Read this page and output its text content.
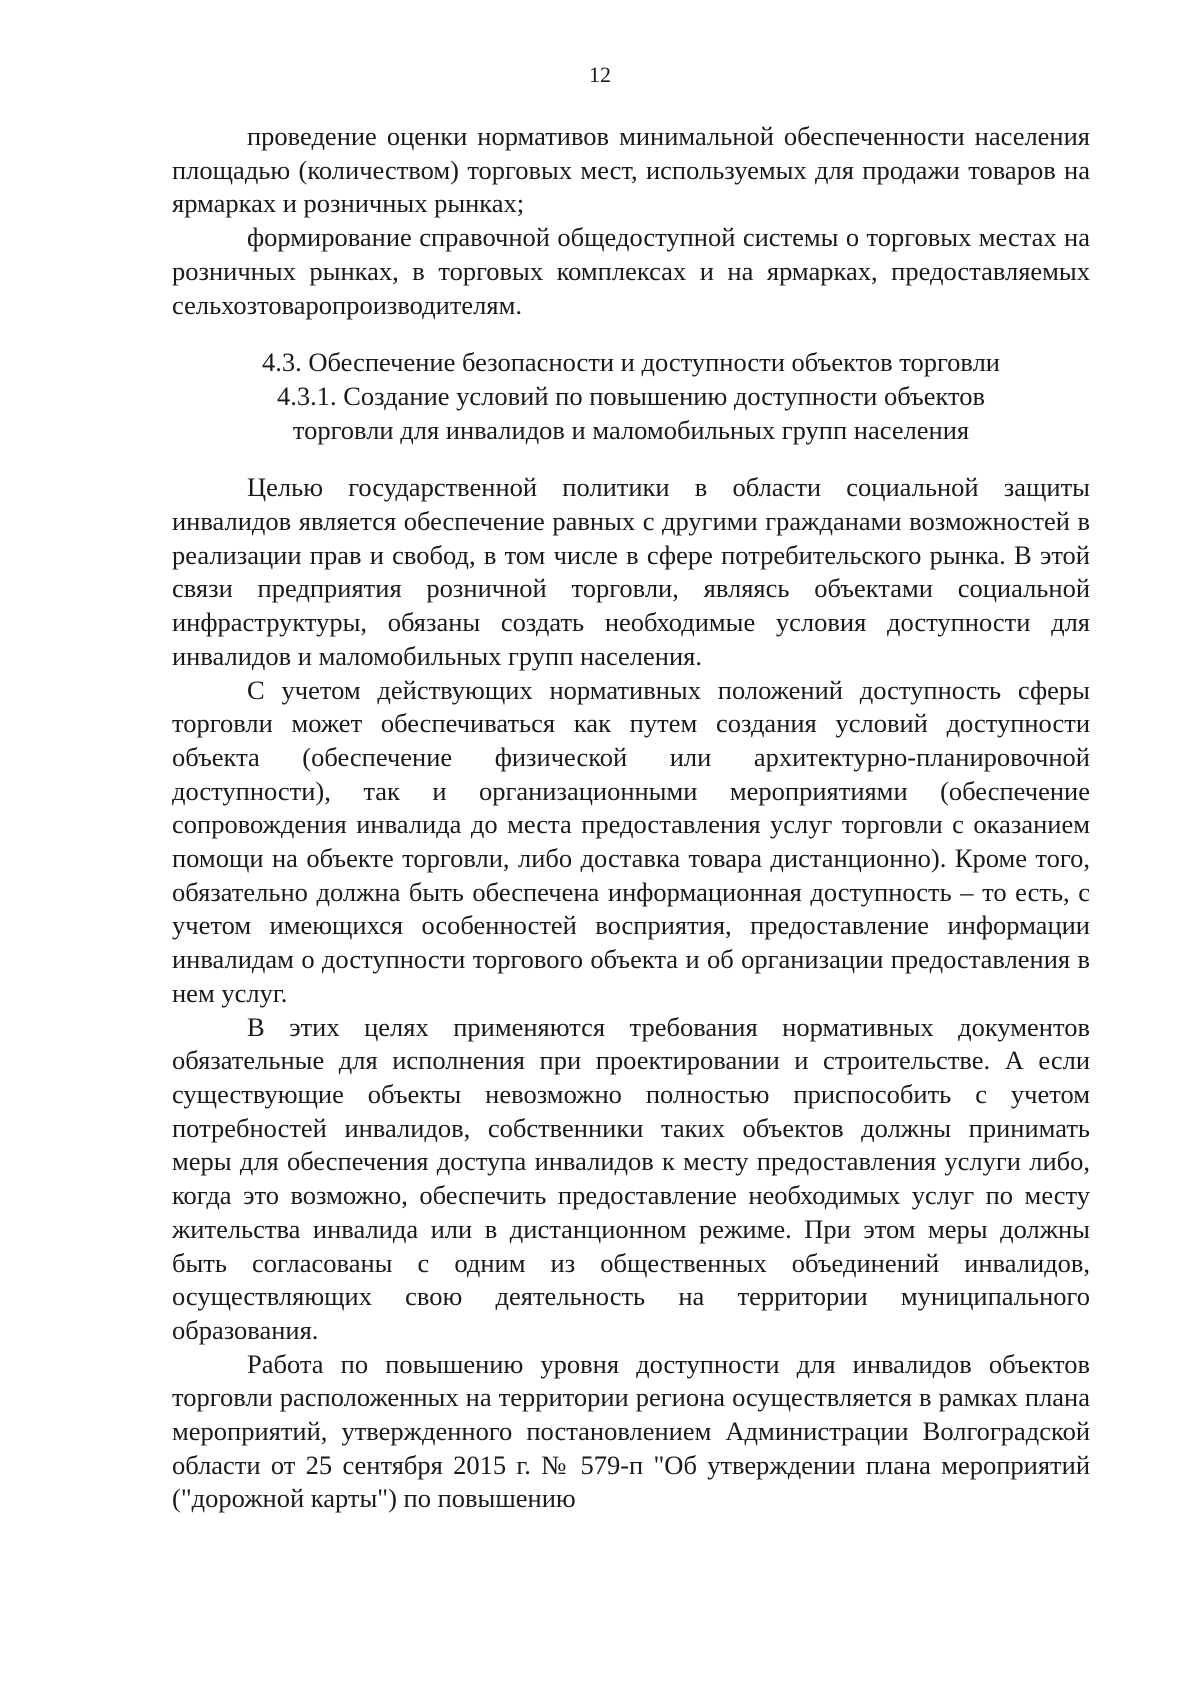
12

проведение оценки нормативов минимальной обеспеченности населения площадью (количеством) торговых мест, используемых для продажи товаров на ярмарках и розничных рынках;

формирование справочной общедоступной системы о торговых местах на розничных рынках, в торговых комплексах и на ярмарках, предоставляемых сельхозтоваропроизводителям.

4.3. Обеспечение безопасности и доступности объектов торговли
4.3.1. Создание условий по повышению доступности объектов
торговли для инвалидов и маломобильных групп населения

Целью государственной политики в области социальной защиты инвалидов является обеспечение равных с другими гражданами возможностей в реализации прав и свобод, в том числе в сфере потребительского рынка. В этой связи предприятия розничной торговли, являясь объектами социальной инфраструктуры, обязаны создать необходимые условия доступности для инвалидов и маломобильных групп населения.

С учетом действующих нормативных положений доступность сферы торговли может обеспечиваться как путем создания условий доступности объекта (обеспечение физической или архитектурно-планировочной доступности), так и организационными мероприятиями (обеспечение сопровождения инвалида до места предоставления услуг торговли с оказанием помощи на объекте торговли, либо доставка товара дистанционно). Кроме того, обязательно должна быть обеспечена информационная доступность – то есть, с учетом имеющихся особенностей восприятия, предоставление информации инвалидам о доступности торгового объекта и об организации предоставления в нем услуг.

В этих целях применяются требования нормативных документов обязательные для исполнения при проектировании и строительстве. А если существующие объекты невозможно полностью приспособить с учетом потребностей инвалидов, собственники таких объектов должны принимать меры для обеспечения доступа инвалидов к месту предоставления услуги либо, когда это возможно, обеспечить предоставление необходимых услуг по месту жительства инвалида или в дистанционном режиме. При этом меры должны быть согласованы с одним из общественных объединений инвалидов, осуществляющих свою деятельность на территории муниципального образования.

Работа по повышению уровня доступности для инвалидов объектов торговли расположенных на территории региона осуществляется в рамках плана мероприятий, утвержденного постановлением Администрации Волгоградской области от 25 сентября 2015 г. № 579-п "Об утверждении плана мероприятий ("дорожной карты") по повышению
